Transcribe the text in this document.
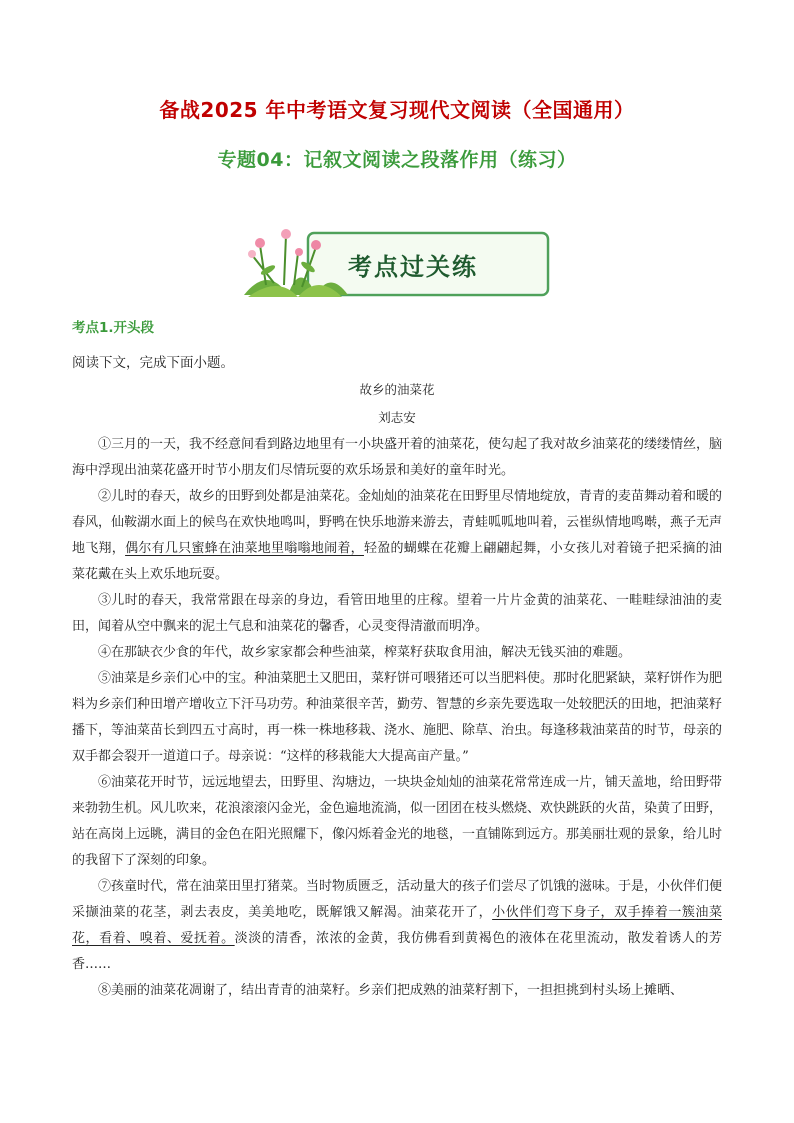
备战2025 年中考语文复习现代文阅读（全国通用）
专题04：记叙文阅读之段落作用（练习）
考点过关练
考点1.开头段
阅读下文，完成下面小题。
故乡的油菜花
刘志安

①三月的一天，我不经意间看到路边地里有一小块盛开着的油菜花，使勾起了我对故乡油菜花的缕缕情丝，脑海中浮现出油菜花盛开时节小朋友们尽情玩耍的欢乐场景和美好的童年时光。

②儿时的春天，故乡的田野到处都是油菜花。金灿灿的油菜花在田野里尽情地绽放，青青的麦苗舞动着和暖的春风，仙鞍湖水面上的候鸟在欢快地鸣叫，野鸭在快乐地游来游去，青蛙呱呱地叫着，云崔纵情地鸣啭，燕子无声地飞翔，偶尔有几只蜜蜂在油菜地里嗡嗡地闹着，轻盈的蝴蝶在花瓣上翩翩起舞，小女孩儿对着镜子把采摘的油菜花戴在头上欢乐地玩耍。

③儿时的春天，我常常跟在母亲的身边，看管田地里的庄稼。望着一片片金黄的油菜花、一畦畦绿油油的麦田，闻着从空中飘来的泥土气息和油菜花的馨香，心灵变得清澈而明净。

④在那缺衣少食的年代，故乡家家都会种些油菜，榨菜籽获取食用油，解决无钱买油的难题。

⑤油菜是乡亲们心中的宝。种油菜肥土又肥田，菜籽饼可喂猪还可以当肥料使。那时化肥紧缺，菜籽饼作为肥料为乡亲们种田增产增收立下汗马功劳。种油菜很辛苦，勤劳、智慧的乡亲先要选取一处较肥沃的田地，把油菜籽播下，等油菜苗长到四五寸高时，再一株一株地移栽、浇水、施肥、除草、治虫。每逢移栽油菜苗的时节，母亲的双手都会裂开一道道口子。母亲说：“这样的移栽能大大提高亩产量。”

⑥油菜花开时节，远远地望去，田野里、沟塘边，一块块金灿灿的油菜花常常连成一片，铺天盖地，给田野带来勃勃生机。风儿吹来，花浪滚滚闪金光，金色遍地流淌，似一团团在枝头燃烧、欢快跳跃的火苗，染黄了田野，站在高岗上远眺，满目的金色在阳光照耀下，像闪烁着金光的地毯，一直铺陈到远方。那美丽壮观的景象，给儿时的我留下了深刻的印象。

⑦孩童时代，常在油菜田里打猪菜。当时物质匮乏，活动量大的孩子们尝尽了饥饿的滋味。于是，小伙伴们便采撷油菜的花茎，剥去表皮，美美地吃，既解饿又解渴。油菜花开了，小伙伴们弯下身子，双手捧着一簇油菜花，看着、嗅着、爱抚着。淡淡的清香，浓浓的金黄，我仿佛看到黄褐色的液体在花里流动，散发着诱人的芳香……

⑧美丽的油菜花凋谢了，结出青青的油菜籽。乡亲们把成熟的油菜籽割下，一担担挑到村头场上摊晒、
